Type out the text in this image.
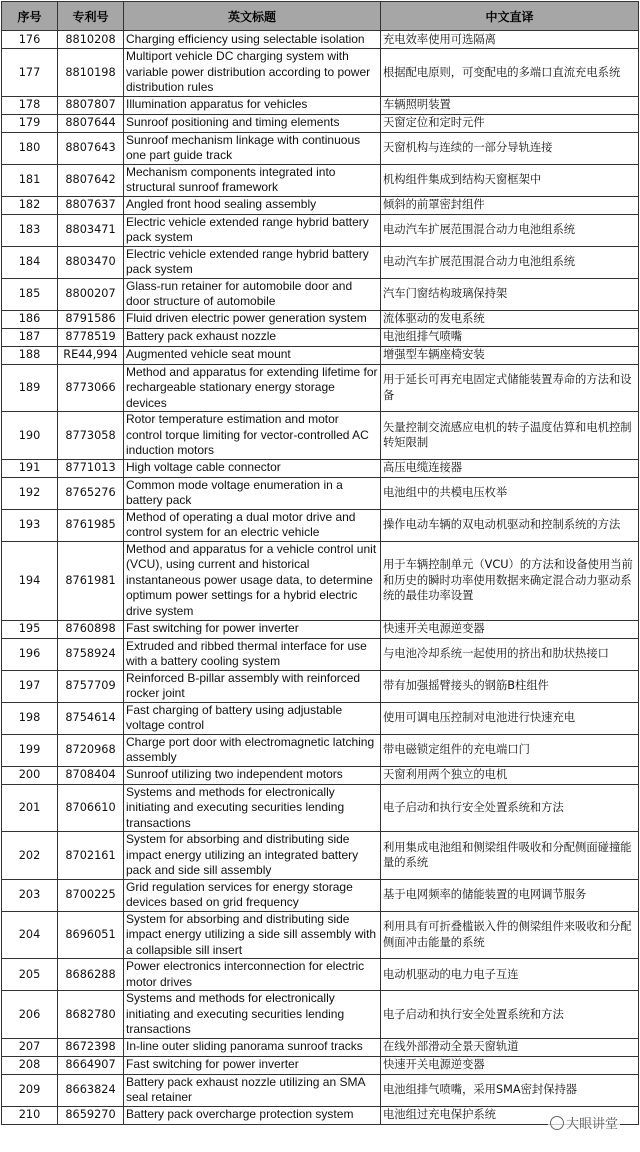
序号	专利号	英文标题	中文直译
176	8810208	Charging efficiency using selectable isolation	充电效率使用可选隔离
177	8810198	Multiport vehicle DC charging system with variable power distribution according to power distribution rules	根据配电原则，可变配电的多端口直流充电系统
178	8807807	Illumination apparatus for vehicles	车辆照明装置
179	8807644	Sunroof positioning and timing elements	天窗定位和定时元件
180	8807643	Sunroof mechanism linkage with continuous one part guide track	天窗机构与连续的一部分导轨连接
181	8807642	Mechanism components integrated into structural sunroof framework	机构组件集成到结构天窗框架中
182	8807637	Angled front hood sealing assembly	倾斜的前罩密封组件
183	8803471	Electric vehicle extended range hybrid battery pack system	电动汽车扩展范围混合动力电池组系统
184	8803470	Electric vehicle extended range hybrid battery pack system	电动汽车扩展范围混合动力电池组系统
185	8800207	Glass-run retainer for automobile door and door structure of automobile	汽车门窗结构玻璃保持架
186	8791586	Fluid driven electric power generation system	流体驱动的发电系统
187	8778519	Battery pack exhaust nozzle	电池组排气喷嘴
188	RE44,994	Augmented vehicle seat mount	增强型车辆座椅安装
189	8773066	Method and apparatus for extending lifetime for rechargeable stationary energy storage devices	用于延长可再充电固定式储能装置寿命的方法和设备
190	8773058	Rotor temperature estimation and motor control torque limiting for vector-controlled AC induction motors	矢量控制交流感应电机的转子温度估算和电机控制转矩限制
191	8771013	High voltage cable connector	高压电缆连接器
192	8765276	Common mode voltage enumeration in a battery pack	电池组中的共模电压枚举
193	8761985	Method of operating a dual motor drive and control system for an electric vehicle	操作电动车辆的双电动机驱动和控制系统的方法
194	8761981	Method and apparatus for a vehicle control unit (VCU), using current and historical instantaneous power usage data, to determine optimum power settings for a hybrid electric drive system	用于车辆控制单元（VCU）的方法和设备使用当前和历史的瞬时功率使用数据来确定混合动力驱动系统的最佳功率设置
195	8760898	Fast switching for power inverter	快速开关电源逆变器
196	8758924	Extruded and ribbed thermal interface for use with a battery cooling system	与电池冷却系统一起使用的挤出和肋状热接口
197	8757709	Reinforced B-pillar assembly with reinforced rocker joint	带有加强摇臂接头的钢筋B柱组件
198	8754614	Fast charging of battery using adjustable voltage control	使用可调电压控制对电池进行快速充电
199	8720968	Charge port door with electromagnetic latching assembly	带电磁锁定组件的充电端口门
200	8708404	Sunroof utilizing two independent motors	天窗利用两个独立的电机
201	8706610	Systems and methods for electronically initiating and executing securities lending transactions	电子启动和执行安全处置系统和方法
202	8702161	System for absorbing and distributing side impact energy utilizing an integrated battery pack and side sill assembly	利用集成电池组和侧梁组件吸收和分配侧面碰撞能量的系统
203	8700225	Grid regulation services for energy storage devices based on grid frequency	基于电网频率的储能装置的电网调节服务
204	8696051	System for absorbing and distributing side impact energy utilizing a side sill assembly with a collapsible sill insert	利用具有可折叠槛嵌入件的侧梁组件来吸收和分配侧面冲击能量的系统
205	8686288	Power electronics interconnection for electric motor drives	电动机驱动的电力电子互连
206	8682780	Systems and methods for electronically initiating and executing securities lending transactions	电子启动和执行安全处置系统和方法
207	8672398	In-line outer sliding panorama sunroof tracks	在线外部滑动全景天窗轨道
208	8664907	Fast switching for power inverter	快速开关电源逆变器
209	8663824	Battery pack exhaust nozzle utilizing an SMA seal retainer	电池组排气喷嘴，采用SMA密封保持器
210	8659270	Battery pack overcharge protection system	电池组过充电保护系统
大眼讲堂
